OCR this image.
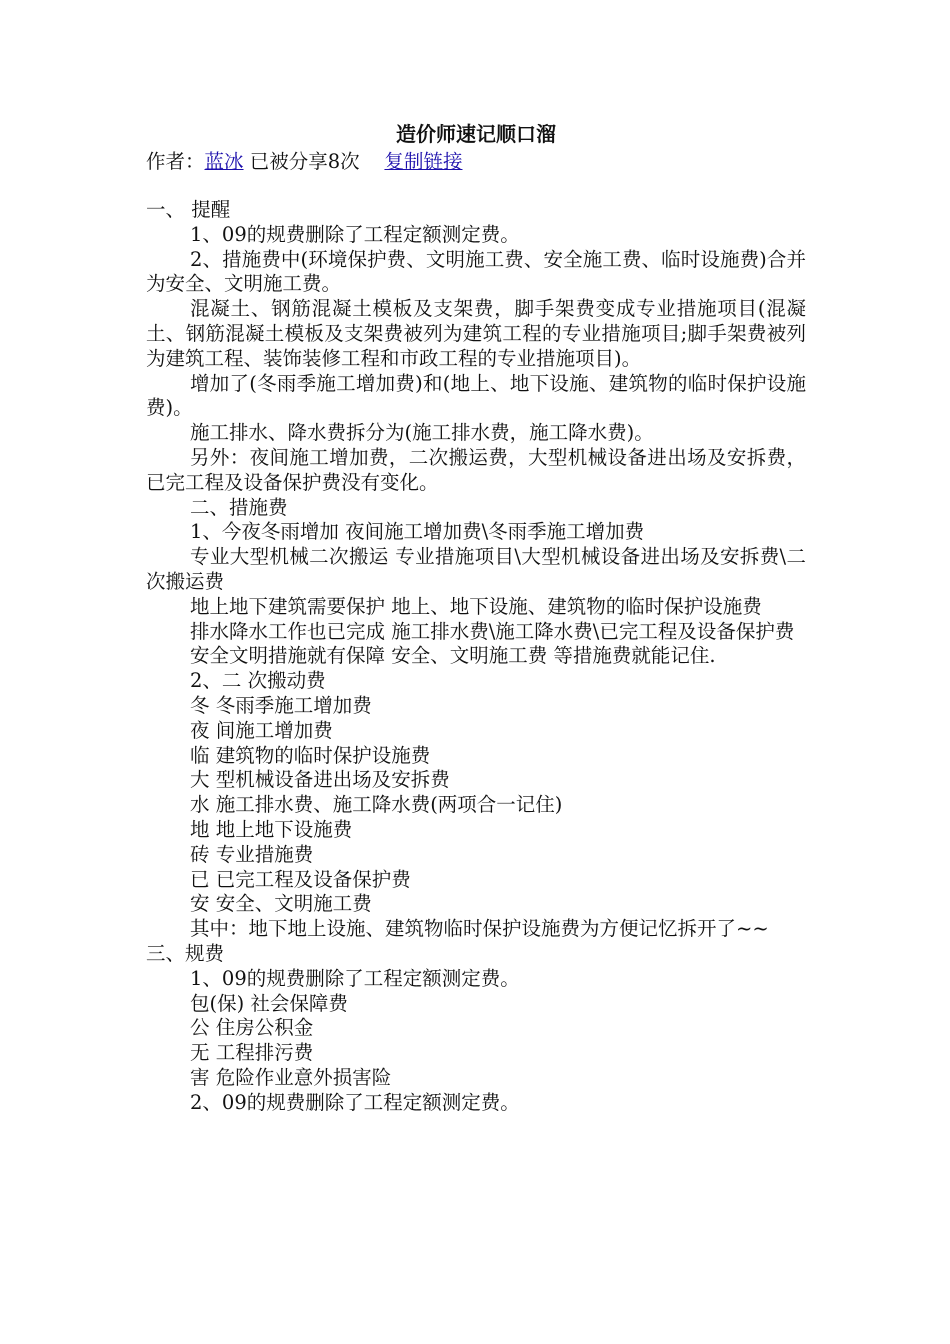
造价师速记顺口溜
作者：蓝冰 已被分享8次 复制链接
一、 提醒

1、09的规费删除了工程定额测定费。

2、措施费中(环境保护费、文明施工费、安全施工费、临时设施费)合并为安全、文明施工费。

混凝土、钢筋混凝土模板及支架费，脚手架费变成专业措施项目(混凝土、钢筋混凝土模板及支架费被列为建筑工程的专业措施项目;脚手架费被列为建筑工程、装饰装修工程和市政工程的专业措施项目)。

增加了(冬雨季施工增加费)和(地上、地下设施、建筑物的临时保护设施费)。

施工排水、降水费拆分为(施工排水费，施工降水费)。

另外：夜间施工增加费，二次搬运费，大型机械设备进出场及安拆费，已完工程及设备保护费没有变化。

二、措施费

1、今夜冬雨增加 夜间施工增加费\冬雨季施工增加费

专业大型机械二次搬运 专业措施项目\大型机械设备进出场及安拆费\二次搬运费

地上地下建筑需要保护 地上、地下设施、建筑物的临时保护设施费

排水降水工作也已完成 施工排水费\施工降水费\已完工程及设备保护费

安全文明措施就有保障 安全、文明施工费 等措施费就能记住.

2、二 次搬动费

冬 冬雨季施工增加费

夜 间施工增加费

临 建筑物的临时保护设施费

大 型机械设备进出场及安拆费

水 施工排水费、施工降水费(两项合一记住)

地 地上地下设施费

砖 专业措施费

已 已完工程及设备保护费

安 安全、文明施工费

其中：地下地上设施、建筑物临时保护设施费为方便记忆拆开了~~

三、规费

1、09的规费删除了工程定额测定费。

包(保) 社会保障费

公 住房公积金

无 工程排污费

害 危险作业意外损害险

2、09的规费删除了工程定额测定费。
